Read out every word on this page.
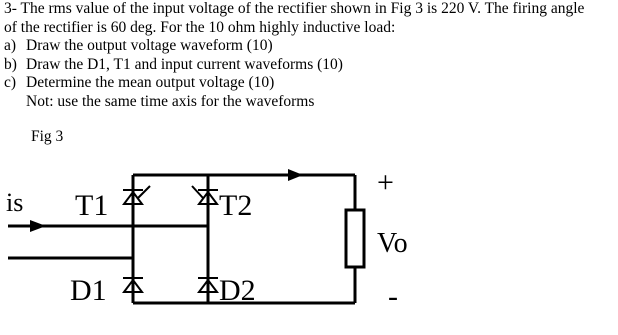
3- The rms value of the input voltage of the rectifier shown in Fig 3 is 220 V. The firing angle
of the rectifier is 60 deg. For the 10 ohm highly inductive load:
a) Draw the output voltage waveform (10)
b) Draw the D1, T1 and input current waveforms (10)
c) Determine the mean output voltage (10)
Not: use the same time axis for the waveforms
Fig 3
is T1	T2
D1	D2
+
Vo
-
